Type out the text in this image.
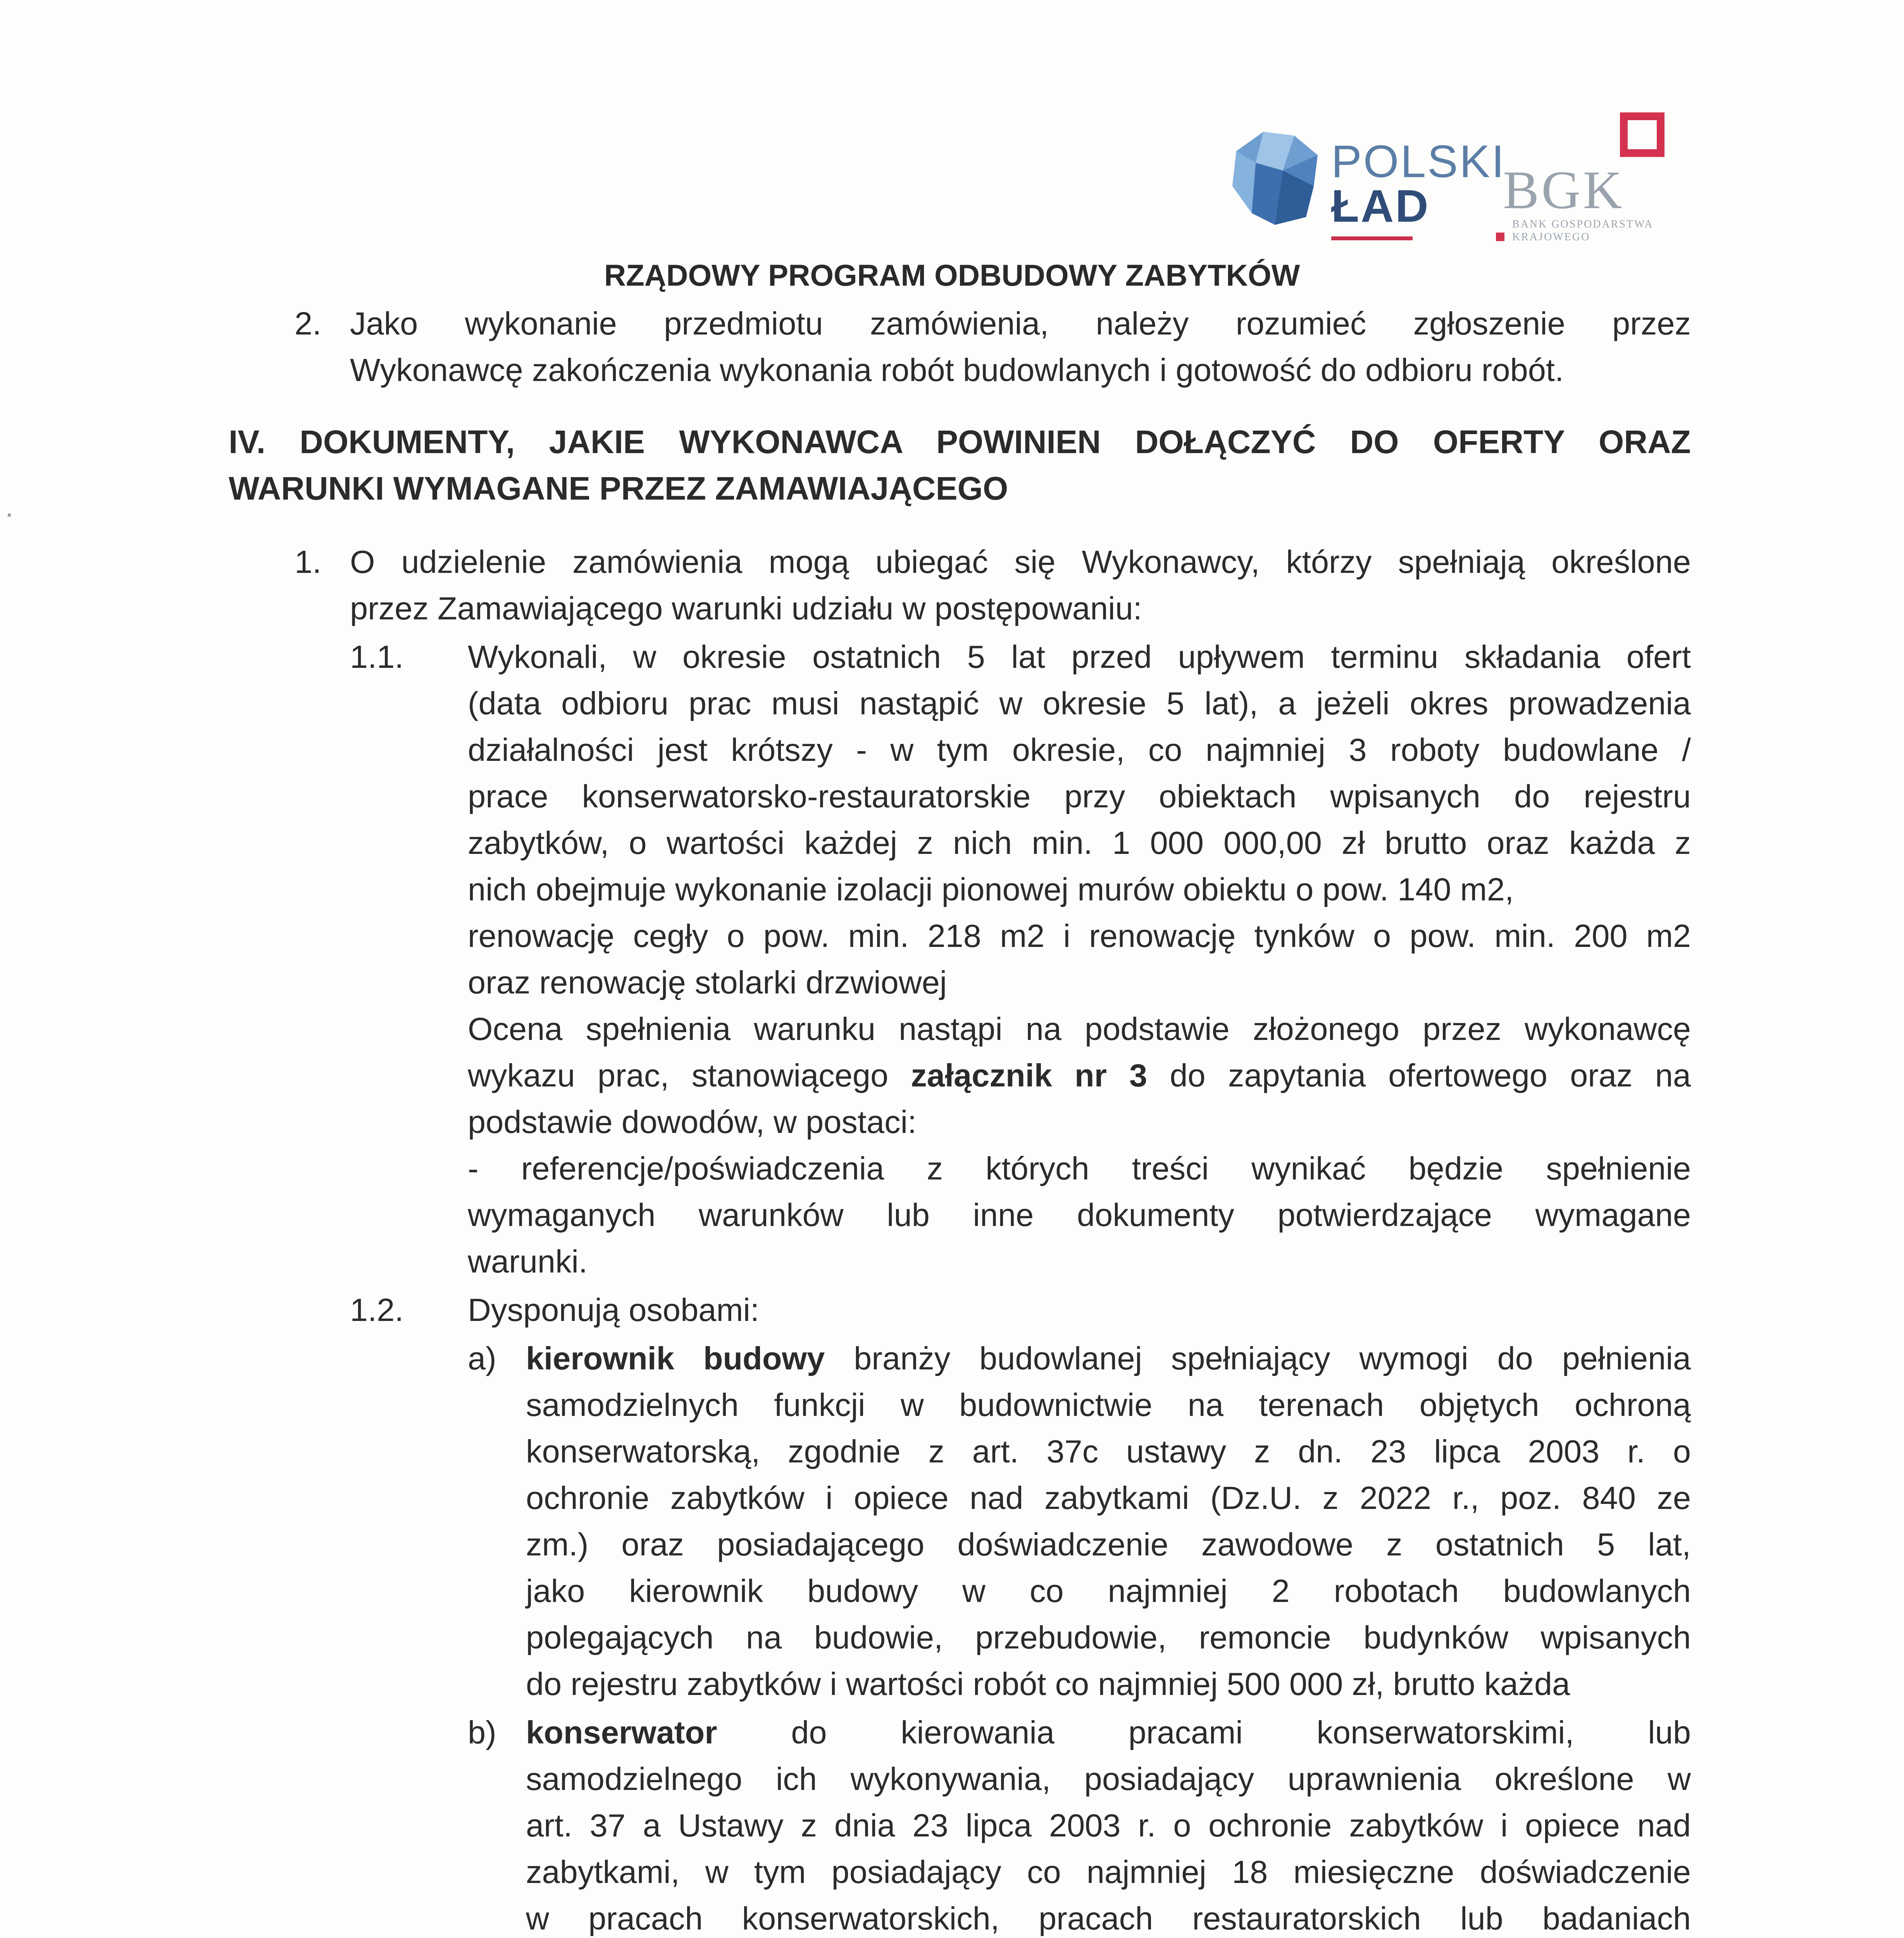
POLSKI
ŁAD	BGK
BANK GOSPODARSTWA
KRAJOWEGO
RZĄDOWY PROGRAM ODBUDOWY ZABYTKÓW
2. Jako wykonanie przedmiotu zamówienia, należy rozumieć zgłoszenie przez
Wykonawcę zakończenia wykonania robót budowlanych i gotowość do odbioru robót.
IV. DOKUMENTY, JAKIE WYKONAWCA POWINIEN DOŁĄCZYĆ DO OFERTY ORAZ
WARUNKI WYMAGANE PRZEZ ZAMAWIAJĄCEGO
1. O udzielenie zamówienia mogą ubiegać się Wykonawcy, którzy spełniają określone
przez Zamawiającego warunki udziału w postępowaniu:
1.1. Wykonali, w okresie ostatnich 5 lat przed upływem terminu składania ofert
(data odbioru prac musi nastąpić w okresie 5 lat), a jeżeli okres prowadzenia
działalności jest krótszy - w tym okresie, co najmniej 3 roboty budowlane /
prace konserwatorsko-restauratorskie przy obiektach wpisanych do rejestru
zabytków, o wartości każdej z nich min. 1 000 000,00 zł brutto oraz każda z
nich obejmuje wykonanie izolacji pionowej murów obiektu o pow. 140 m2,
renowację cegły o pow. min. 218 m2 i renowację tynków o pow. min. 200 m2
oraz renowację stolarki drzwiowej
Ocena spełnienia warunku nastąpi na podstawie złożonego przez wykonawcę
wykazu prac, stanowiącego załącznik nr 3 do zapytania ofertowego oraz na
podstawie dowodów, w postaci:
- referencje/poświadczenia z których treści wynikać będzie spełnienie
wymaganych warunków lub inne dokumenty potwierdzające wymagane
warunki.
1.2. Dysponują osobami:
a) kierownik budowy branży budowlanej spełniający wymogi do pełnienia
samodzielnych funkcji w budownictwie na terenach objętych ochroną
konserwatorską, zgodnie z art. 37c ustawy z dn. 23 lipca 2003 r. o
ochronie zabytków i opiece nad zabytkami (Dz.U. z 2022 r., poz. 840 ze
zm.) oraz posiadającego doświadczenie zawodowe z ostatnich 5 lat,
jako kierownik budowy w co najmniej 2 robotach budowlanych
polegających na budowie, przebudowie, remoncie budynków wpisanych
do rejestru zabytków i wartości robót co najmniej 500 000 zł, brutto każda
b) konserwator do kierowania pracami konserwatorskimi, lub
samodzielnego ich wykonywania, posiadający uprawnienia określone w
art. 37 a Ustawy z dnia 23 lipca 2003 r. o ochronie zabytków i opiece nad
zabytkami, w tym posiadający co najmniej 18 miesięczne doświadczenie
w pracach konserwatorskich, pracach restauratorskich lub badaniach
